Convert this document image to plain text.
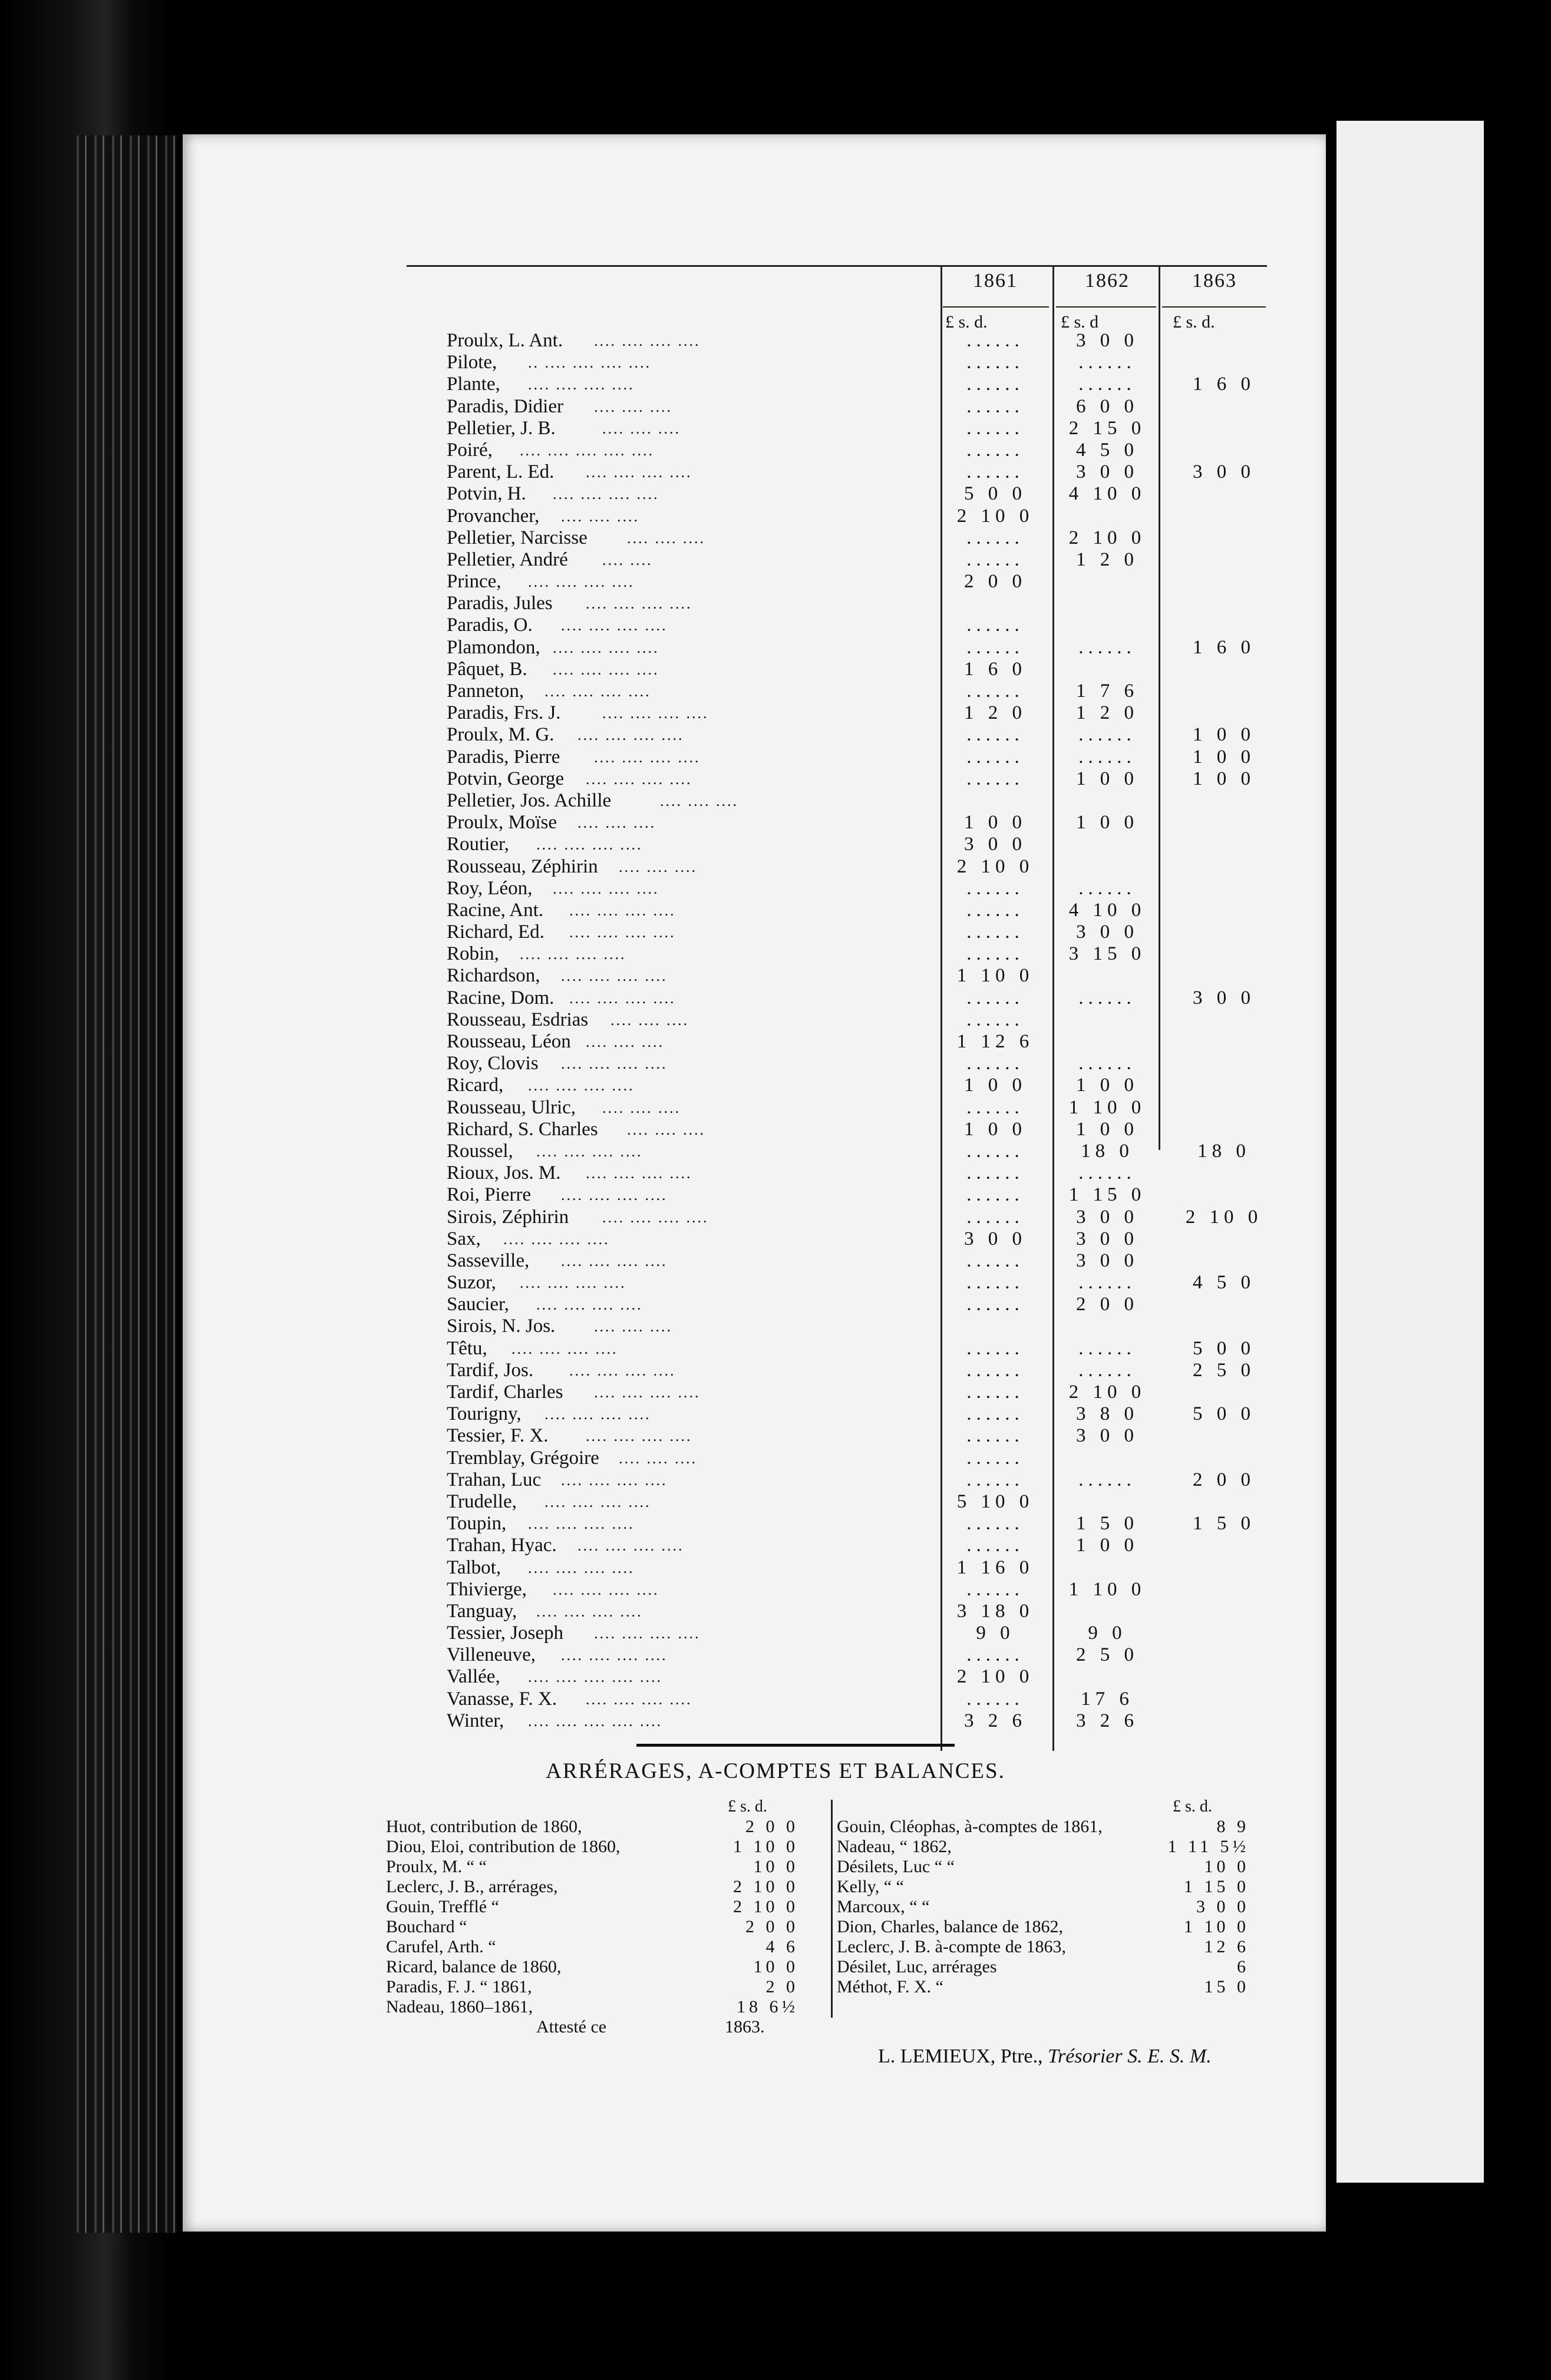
1861	1862	1863
£ s. d.	£ s. d	£ s. d.
Proulx, L. Ant. .... .... .... ....	......	3 0 0
Pilote, .. .... .... .... ....	......	......
Plante, .... .... .... ....	......	......	1 6 0
Paradis, Didier .... .... ....	......	6 0 0
Pelletier, J. B.	.... .... ....	......	2 15 0
Poiré, .... .... .... .... ....	......	4 5 0
Parent, L. Ed. .... .... .... ....	......	3 0 0	3 0 0
Potvin, H. .... .... .... ....	5 0 0	4 10 0
Provancher, .... .... ....	2 10 0
Pelletier, Narcisse	.... .... ....	......	2 10 0
Pelletier, André .... ....	......	1 2 0
Prince, .... .... .... ....	2 0 0
Paradis, Jules .... .... .... ....
Paradis, O. .... .... .... ....	......
Plamondon, .... .... .... ....	......	......	1 6 0
Pâquet, B. .... .... .... ....	1 6 0
Panneton, .... .... .... ....	......	1 7 6
Paradis, Frs. J.	.... .... .... ....	1 2 0	1 2 0
Proulx, M. G. .... .... .... ....	......	......	1 0 0
Paradis, Pierre .... .... .... ....	......	......	1 0 0
Potvin, George .... .... .... ....	......	1 0 0	1 0 0
Pelletier, Jos. Achille	.... .... ....
Proulx, Moïse .... .... ....	1 0 0	1 0 0
Routier, .... .... .... ....	3 0 0
Rousseau, Zéphirin .... .... ....	2 10 0
Roy, Léon, .... .... .... ....	......	......
Racine, Ant. .... .... .... ....	......	4 10 0
Richard, Ed. .... .... .... ....	......	3 0 0
Robin, .... .... .... ....	......	3 15 0
Richardson, .... .... .... ....	1 10 0
Racine, Dom. .... .... .... ....	......	......	3 0 0
Rousseau, Esdrias .... .... ....	......
Rousseau, Léon .... .... ....	1 12 6
Roy, Clovis .... .... .... ....	......	......
Ricard, .... .... .... ....	1 0 0	1 0 0
Rousseau, Ulric, .... .... ....	......	1 10 0
Richard, S. Charles .... .... ....	1 0 0	1 0 0
Roussel, .... .... .... ....	......	18 0	18 0
Rioux, Jos. M. .... .... .... ....	......	......
Roi, Pierre .... .... .... ....	......	1 15 0
Sirois, Zéphirin .... .... .... ....	......	3 0 0	2 10 0
Sax, .... .... .... ....	3 0 0	3 0 0
Sasseville, .... .... .... ....	......	3 0 0
Suzor, .... .... .... ....	......	......	4 5 0
Saucier, .... .... .... ....	......	2 0 0
Sirois, N. Jos.	.... .... ....
Têtu, .... .... .... ....	......	......	5 0 0
Tardif, Jos. .... .... .... ....	......	......	2 5 0
Tardif, Charles .... .... .... ....	......	2 10 0
Tourigny, .... .... .... ....	......	3 8 0	5 0 0
Tessier, F. X. .... .... .... ....	......	3 0 0
Tremblay, Grégoire .... .... ....	......
Trahan, Luc .... .... .... ....	......	......	2 0 0
Trudelle, .... .... .... ....	5 10 0
Toupin, .... .... .... ....	......	1 5 0	1 5 0
Trahan, Hyac. .... .... .... ....	......	1 0 0
Talbot, .... .... .... ....	1 16 0
Thivierge, .... .... .... ....	......	1 10 0
Tanguay, .... .... .... ....	3 18 0
Tessier, Joseph .... .... .... ....	9 0	9 0
Villeneuve, .... .... .... ....	......	2 5 0
Vallée, .... .... .... .... ....	2 10 0
Vanasse, F. X. .... .... .... ....	......	17 6
Winter, .... .... .... .... ....	3 2 6	3 2 6
ARRÉRAGES, A-COMPTES ET BALANCES.
£ s. d.
Huot, contribution de 1860,	2 0 0
Diou, Eloi, contribution de 1860,	1 10 0
Proulx, M. “ “	10 0
Leclerc, J. B., arrérages,	2 10 0
Gouin, Trefflé “	2 10 0
Bouchard “	2 0 0
Carufel, Arth. “	4 6
Ricard, balance de 1860,	10 0
Paradis, F. J. “ 1861,	2 0
Nadeau, 1860–1861,	18 6½
Attesté ce	1863.
£ s. d.
Gouin, Cléophas, à-comptes de 1861,	8 9
Nadeau, “ 1862,	1 11 5½
Désilets, Luc “ “	10 0
Kelly, “ “	1 15 0
Marcoux, “ “	3 0 0
Dion, Charles, balance de 1862,	1 10 0
Leclerc, J. B. à-compte de 1863,	12 6
Désilet, Luc, arrérages	6
Méthot, F. X. “	15 0
L. LEMIEUX, Ptre., Trésorier S. E. S. M.
